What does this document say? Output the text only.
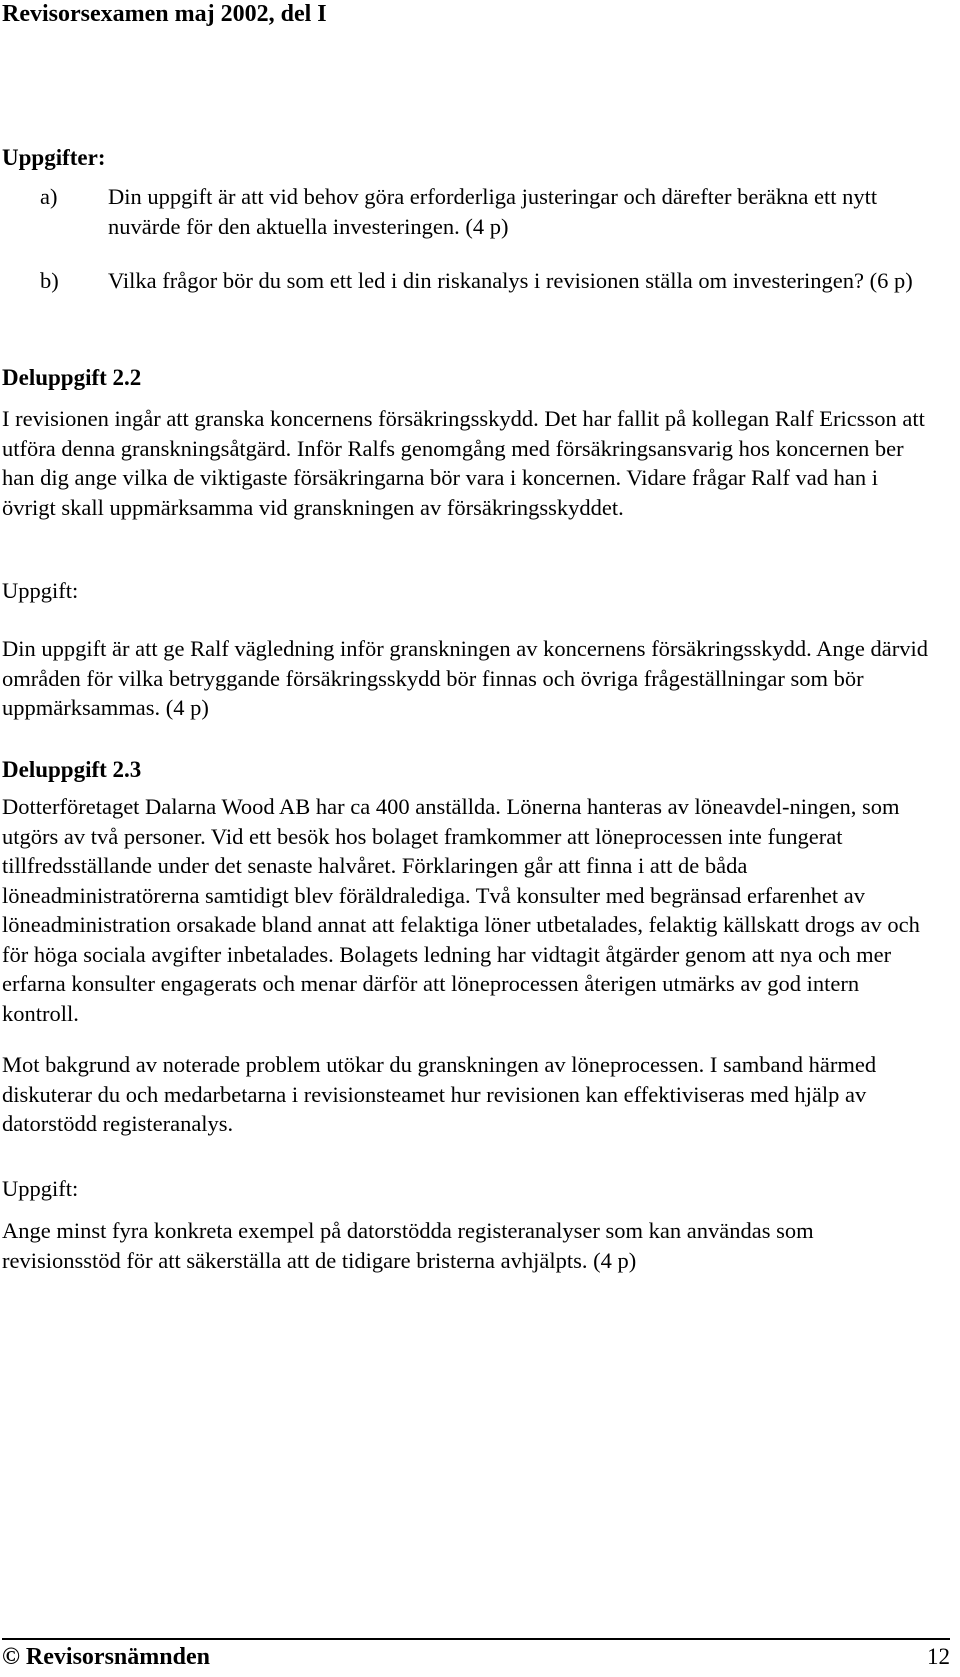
Revisorsexamen maj 2002, del I
Uppgifter:
a) Din uppgift är att vid behov göra erforderliga justeringar och därefter beräkna ett nytt nuvärde för den aktuella investeringen. (4 p)
b) Vilka frågor bör du som ett led i din riskanalys i revisionen ställa om investeringen? (6 p)
Deluppgift 2.2
I revisionen ingår att granska koncernens försäkringsskydd. Det har fallit på kollegan Ralf Ericsson att utföra denna granskningsåtgärd. Inför Ralfs genomgång med försäkringsansvarig hos koncernen ber han dig ange vilka de viktigaste försäkringarna bör vara i koncernen. Vidare frågar Ralf vad han i övrigt skall uppmärksamma vid granskningen av försäkringsskyddet.
Uppgift:
Din uppgift är att ge Ralf vägledning inför granskningen av koncernens försäkringsskydd. Ange därvid områden för vilka betryggande försäkringsskydd bör finnas och övriga frågeställningar som bör uppmärksammas. (4 p)
Deluppgift 2.3
Dotterföretaget Dalarna Wood AB har ca 400 anställda. Lönerna hanteras av löneavdel-ningen, som utgörs av två personer. Vid ett besök hos bolaget framkommer att löneprocessen inte fungerat tillfredsställande under det senaste halvåret. Förklaringen går att finna i att de båda löneadministratörerna samtidigt blev föräldralediga. Två konsulter med begränsad erfarenhet av löneadministration orsakade bland annat att felaktiga löner utbetalades, felaktig källskatt drogs av och för höga sociala avgifter inbetalades. Bolagets ledning har vidtagit åtgärder genom att nya och mer erfarna konsulter engagerats och menar därför att löneprocessen återigen utmärks av god intern kontroll.
Mot bakgrund av noterade problem utökar du granskningen av löneprocessen. I samband härmed diskuterar du och medarbetarna i revisionsteamet hur revisionen kan effektiviseras med hjälp av datorstödd registeranalys.
Uppgift:
Ange minst fyra konkreta exempel på datorstödda registeranalyser som kan användas som revisionsstöd för att säkerställa att de tidigare bristerna avhjälpts. (4 p)
© Revisorsnämnden	12
